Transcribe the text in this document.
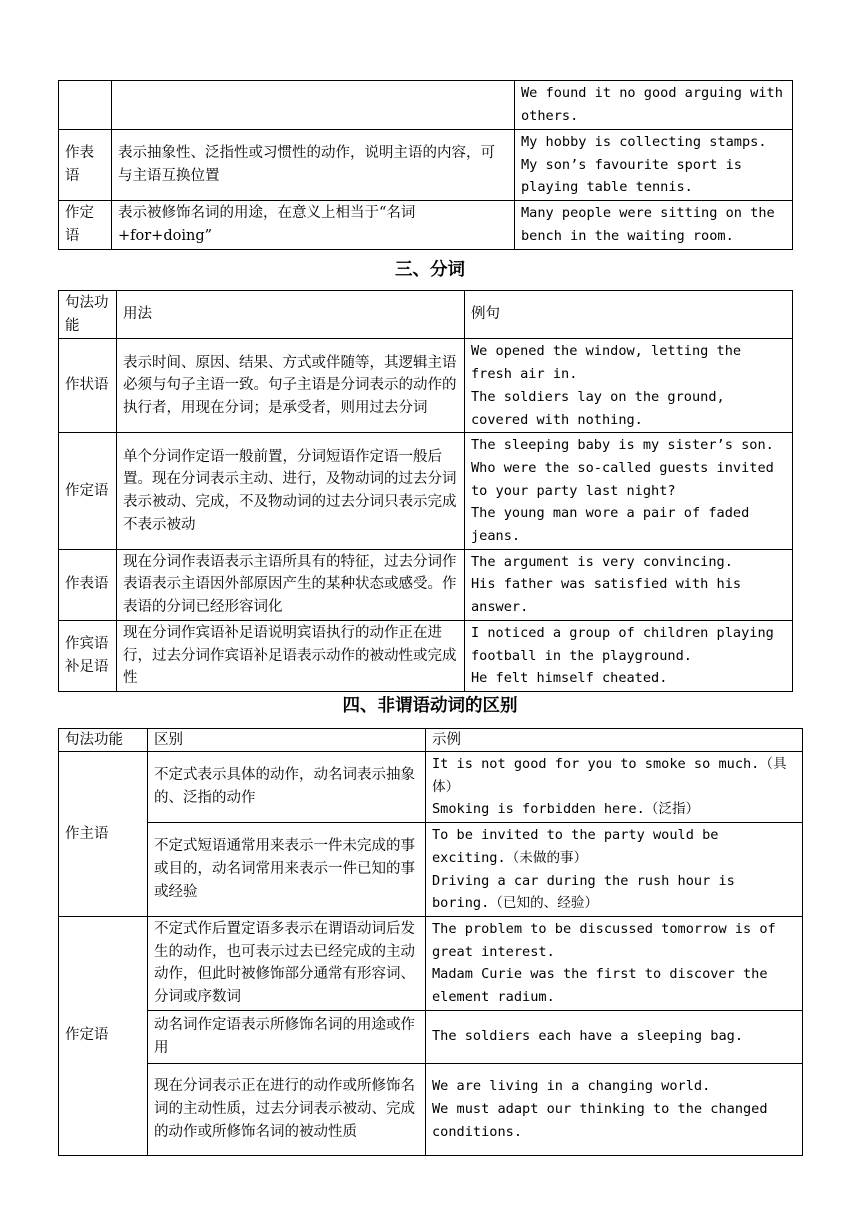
		We found it no good arguing with others.

作表语	表示抽象性、泛指性或习惯性的动作，说明主语的内容，可与主语互换位置	My hobby is collecting stamps.
My son’s favourite sport is playing table tennis.

作定语	表示被修饰名词的用途，在意义上相当于“名词+for+doing”	Many people were sitting on the bench in the waiting room.
三、分词
句法功能	用法	例句
作状语	表示时间、原因、结果、方式或伴随等，其逻辑主语必须与句子主语一致。句子主语是分词表示的动作的执行者，用现在分词；是承受者，则用过去分词	We opened the window, letting the fresh air in.
The soldiers lay on the ground, covered with nothing.

作定语	单个分词作定语一般前置，分词短语作定语一般后置。现在分词表示主动、进行，及物动词的过去分词表示被动、完成，不及物动词的过去分词只表示完成不表示被动	The sleeping baby is my sister’s son.
Who were the so-called guests invited to your party last night?
The young man wore a pair of faded jeans.

作表语	现在分词作表语表示主语所具有的特征，过去分词作表语表示主语因外部原因产生的某种状态或感受。作表语的分词已经形容词化	The argument is very convincing.
His father was satisfied with his answer.

作宾语补足语	现在分词作宾语补足语说明宾语执行的动作正在进行，过去分词作宾语补足语表示动作的被动性或完成性	I noticed a group of children playing football in the playground.
He felt himself cheated.
四、非谓语动词的区别
句法功能	区别	示例
作主语	不定式表示具体的动作，动名词表示抽象的、泛指的动作	It is not good for you to smoke so much.（具体）
Smoking is forbidden here.（泛指）

	不定式短语通常用来表示一件未完成的事或目的，动名词常用来表示一件已知的事或经验	To be invited to the party would be exciting.（未做的事）
Driving a car during the rush hour is boring.（已知的、经验）

作定语	不定式作后置定语多表示在谓语动词后发生的动作，也可表示过去已经完成的主动动作，但此时被修饰部分通常有形容词、分词或序数词	The problem to be discussed tomorrow is of great interest.
Madam Curie was the first to discover the element radium.

	动名词作定语表示所修饰名词的用途或作用	The soldiers each have a sleeping bag.

	现在分词表示正在进行的动作或所修饰名词的主动性质，过去分词表示被动、完成的动作或所修饰名词的被动性质	We are living in a changing world.
We must adapt our thinking to the changed conditions.
